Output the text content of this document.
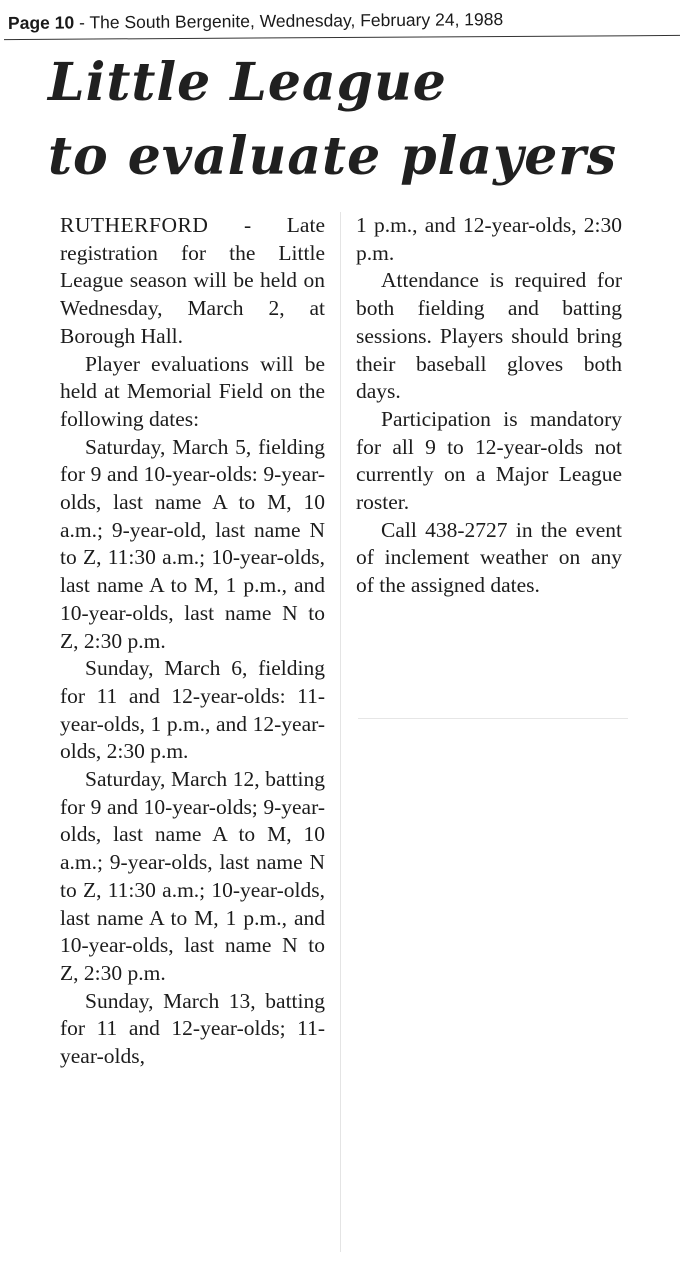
Page 10 - The South Bergenite, Wednesday, February 24, 1988
Little League
to evaluate players

RUTHERFORD - Late registration for the Little League season will be held on Wednesday, March 2, at Borough Hall.

Player evaluations will be held at Memorial Field on the following dates:

Saturday, March 5, fielding for 9 and 10-year-olds: 9-year-olds, last name A to M, 10 a.m.; 9-year-old, last name N to Z, 11:30 a.m.; 10-year-olds, last name A to M, 1 p.m., and 10-year-olds, last name N to Z, 2:30 p.m.

Sunday, March 6, fielding for 11 and 12-year-olds: 11-year-olds, 1 p.m., and 12-year-olds, 2:30 p.m.

Saturday, March 12, batting for 9 and 10-year-olds; 9-year-olds, last name A to M, 10 a.m.; 9-year-olds, last name N to Z, 11:30 a.m.; 10-year-olds, last name A to M, 1 p.m., and 10-year-olds, last name N to Z, 2:30 p.m.

Sunday, March 13, batting for 11 and 12-year-olds; 11-year-olds,

1 p.m., and 12-year-olds, 2:30 p.m.

Attendance is required for both fielding and batting sessions. Players should bring their baseball gloves both days.

Participation is mandatory for all 9 to 12-year-olds not currently on a Major League roster.

Call 438-2727 in the event of inclement weather on any of the assigned dates.
